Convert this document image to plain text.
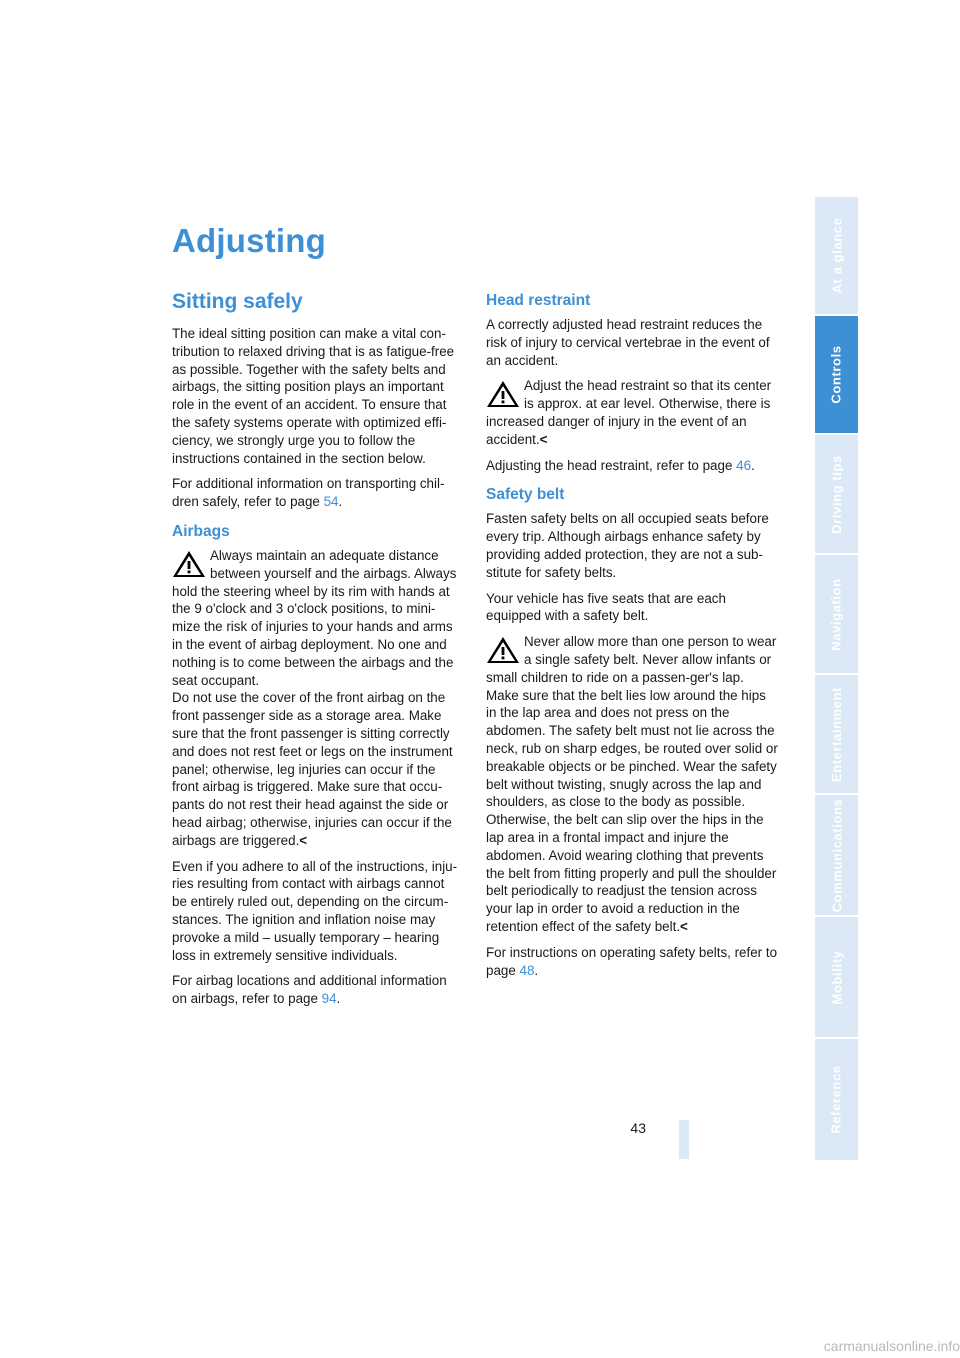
Adjusting
Sitting safely

The ideal sitting position can make a vital con-tribution to relaxed driving that is as fatigue-free as possible. Together with the safety belts and airbags, the sitting position plays an important role in the event of an accident. To ensure that the safety systems operate with optimized effi-ciency, we strongly urge you to follow the instructions contained in the section below.

For additional information on transporting chil-dren safely, refer to page 54.

Airbags
Always maintain an adequate distance between yourself and the airbags. Always hold the steering wheel by its rim with hands at the 9 o'clock and 3 o'clock positions, to mini-mize the risk of injuries to your hands and arms in the event of airbag deployment. No one and nothing is to come between the airbags and the seat occupant.
Do not use the cover of the front airbag on the front passenger side as a storage area. Make sure that the front passenger is sitting correctly and does not rest feet or legs on the instrument panel; otherwise, leg injuries can occur if the front airbag is triggered. Make sure that occu-pants do not rest their head against the side or head airbag; otherwise, injuries can occur if the airbags are triggered.<

Even if you adhere to all of the instructions, inju-ries resulting from contact with airbags cannot be entirely ruled out, depending on the circum-stances. The ignition and inflation noise may provoke a mild – usually temporary – hearing loss in extremely sensitive individuals.

For airbag locations and additional information on airbags, refer to page 94.

Head restraint

A correctly adjusted head restraint reduces the risk of injury to cervical vertebrae in the event of an accident.

Adjust the head restraint so that its center is approx. at ear level. Otherwise, there is increased danger of injury in the event of an accident.<

Adjusting the head restraint, refer to page 46.

Safety belt

Fasten safety belts on all occupied seats before every trip. Although airbags enhance safety by providing added protection, they are not a sub-stitute for safety belts.

Your vehicle has five seats that are each equipped with a safety belt.

Never allow more than one person to wear a single safety belt. Never allow infants or small children to ride on a passen-ger's lap. Make sure that the belt lies low around the hips in the lap area and does not press on the abdomen. The safety belt must not lie across the neck, rub on sharp edges, be routed over solid or breakable objects or be pinched. Wear the safety belt without twisting, snugly across the lap and shoulders, as close to the body as possible. Otherwise, the belt can slip over the hips in the lap area in a frontal impact and injure the abdomen. Avoid wearing clothing that prevents the belt from fitting properly and pull the shoulder belt periodically to readjust the tension across your lap in order to avoid a reduction in the retention effect of the safety belt.<

For instructions on operating safety belts, refer to page 48.

At a glance
Controls
Driving tips
Navigation
Entertainment
Communications
Mobility
Reference
43
carmanualsonline.info
